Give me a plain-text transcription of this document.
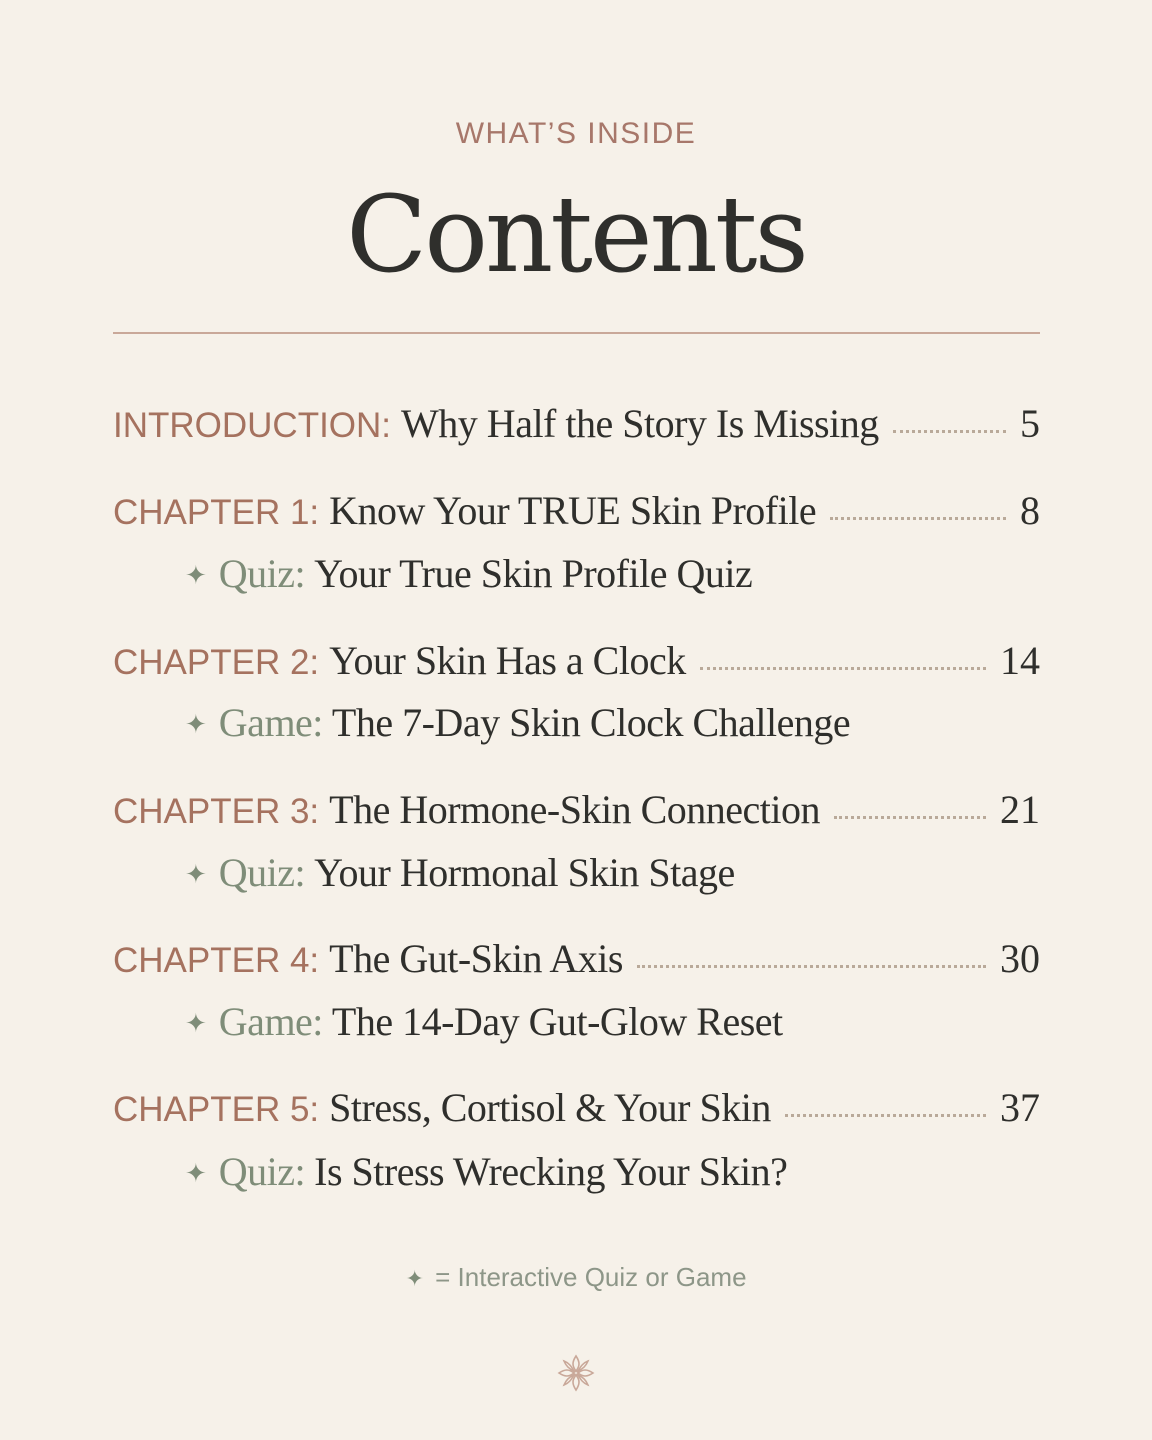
WHAT’S INSIDE
Contents
INTRODUCTION: Why Half the Story Is Missing	5
CHAPTER 1: Know Your TRUE Skin Profile	8
✦ Quiz: Your True Skin Profile Quiz
CHAPTER 2: Your Skin Has a Clock	14
✦ Game: The 7-Day Skin Clock Challenge
CHAPTER 3: The Hormone-Skin Connection	21
✦ Quiz: Your Hormonal Skin Stage
CHAPTER 4: The Gut-Skin Axis	30
✦ Game: The 14-Day Gut-Glow Reset
CHAPTER 5: Stress, Cortisol & Your Skin	37
✦ Quiz: Is Stress Wrecking Your Skin?
✦ = Interactive Quiz or Game
